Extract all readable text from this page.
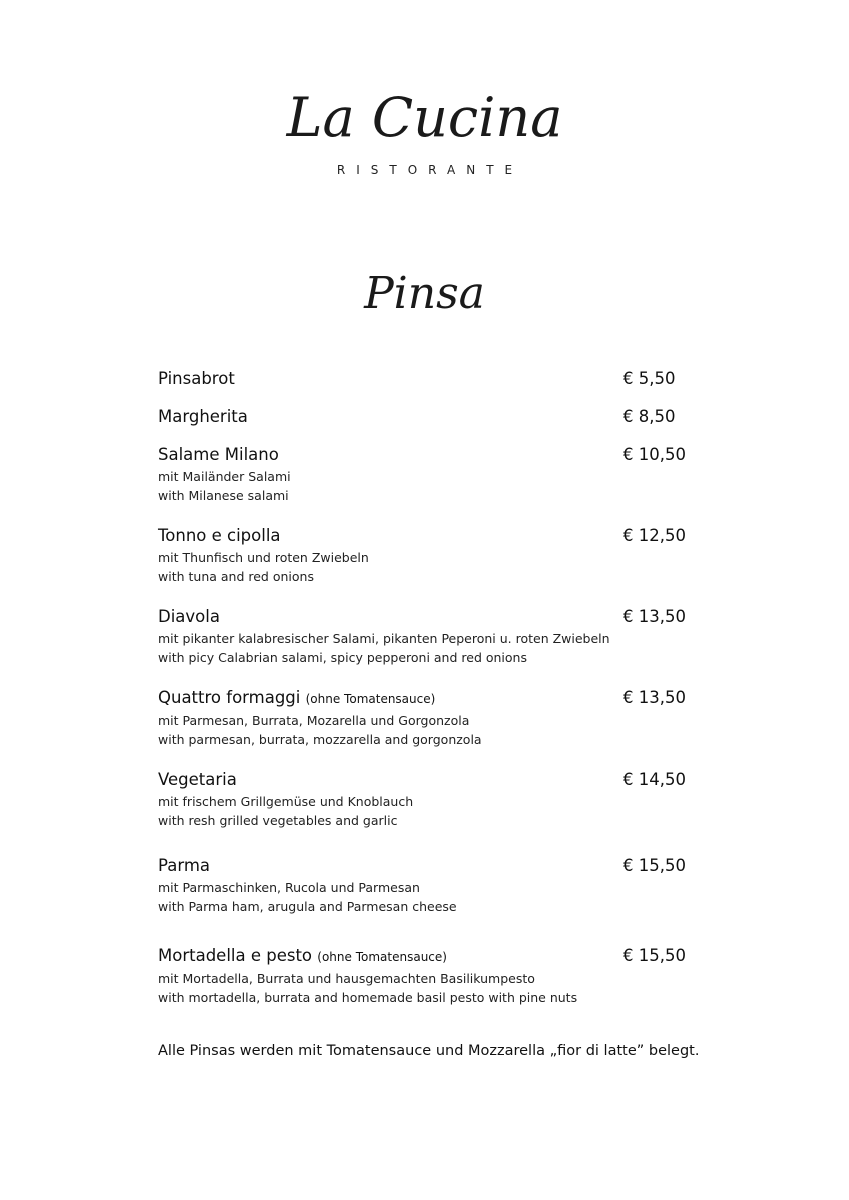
La Cucina
RISTORANTE
Pinsa
Pinsabrot	€ 5,50
Margherita	€ 8,50
Salame Milano
mit Mailänder Salami
with Milanese salami
€ 10,50
Tonno e cipolla
mit Thunfisch und roten Zwiebeln
with tuna and red onions
€ 12,50
Diavola
mit pikanter kalabresischer Salami, pikanten Peperoni u. roten Zwiebeln
with picy Calabrian salami, spicy pepperoni and red onions
€ 13,50
Quattro formaggi (ohne Tomatensauce)
mit Parmesan, Burrata, Mozarella und Gorgonzola
with parmesan, burrata, mozzarella and gorgonzola
€ 13,50
Vegetaria
mit frischem Grillgemüse und Knoblauch
with resh grilled vegetables and garlic
€ 14,50
Parma
mit Parmaschinken, Rucola und Parmesan
with Parma ham, arugula and Parmesan cheese
€ 15,50
Mortadella e pesto (ohne Tomatensauce)
mit Mortadella, Burrata und hausgemachten Basilikumpesto
with mortadella, burrata and homemade basil pesto with pine nuts
€ 15,50
Alle Pinsas werden mit Tomatensauce und Mozzarella „fior di latte” belegt.
